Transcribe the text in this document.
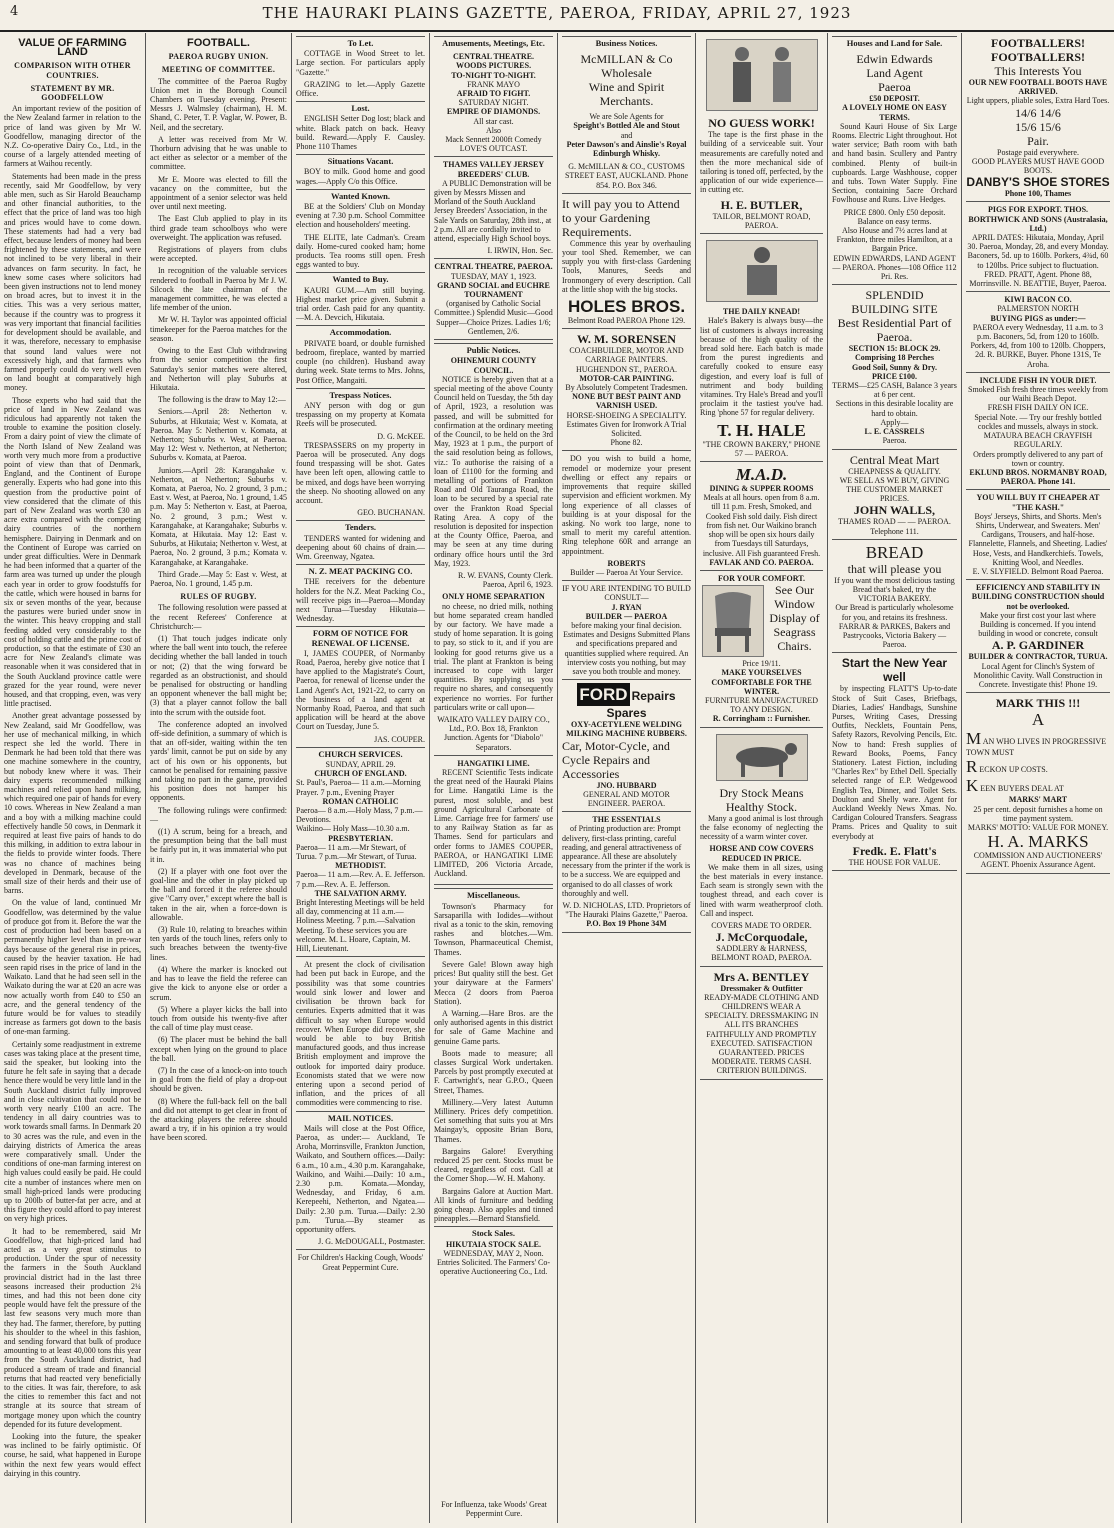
4	THE HAURAKI PLAINS GAZETTE, PAEROA, FRIDAY, APRIL 27, 1923
VALUE OF FARMING LAND
COMPARISON WITH OTHER COUNTRIES.
STATEMENT BY MR. GOODFELLOW

An important review of the position of the New Zealand farmer in relation to the price of land was given by Mr W. Goodfellow, managing director of the N.Z. Co-operative Dairy Co., Ltd., in the course of a largely attended meeting of farmers at Waihou recently.

Statements had been made in the press recently, said Mr Goodfellow, by very able men, such as Sir Harold Beauchamp and other financial authorities, to the effect that the price of land was too high and prices would have to come down. These statements had had a very bad effect, because lenders of money had been frightened by these statements, and were not inclined to be very liberal in their advances on farm security. In fact, he knew some cases where solicitors had been given instructions not to lend money on broad acres, but to invest it in the cities. This was a very serious matter, because if the country was to progress it was very important that financial facilities for development should be available, and it was, therefore, necessary to emphasise that sound land values were not excessively high, and that farmers who farmed properly could do very well even on land bought at comparatively high money.

Those experts who had said that the price of land in New Zealand was ridiculous had apparently not taken the trouble to examine the position closely. From a dairy point of view the climate of the North Island of New Zealand was worth very much more from a productive point of view than that of Denmark, England, and the Continent of Europe generally. Experts who had gone into this question from the productive point of view considered that the climate of this part of New Zealand was worth £30 an acre extra compared with the competing dairy countries of the northern hemisphere. Dairying in Denmark and on the Continent of Europe was carried on under great difficulties. Were in Denmark he had been informed that a quarter of the farm area was turned up under the plough each year in order to grow foodstuffs for the cattle, which were housed in barns for six or seven months of the year, because the pastures were buried under snow in the winter. This heavy cropping and stall feeding added very considerably to the cost of holding cattle and the prime cost of production, so that the estimate of £30 an acre for New Zealand's climate was reasonable when it was considered that in the South Auckland province cattle were grazed for the year round, were never housed, and that cropping, even, was very little practised.

Another great advantage possessed by New Zealand, said Mr Goodfellow, was her use of mechanical milking, in which respect she led the world. There in Denmark he had been told that there was one machine somewhere in the country, but nobody knew where it was. Their dairy experts recommended milking machines and relied upon hand milking, which required one pair of hands for every 10 cows. Whereas in New Zealand a man and a boy with a milking machine could effectively handle 50 cows, in Denmark it required at least five pairs of hands to do this milking, in addition to extra labour in the fields to provide winter foods. There was no chance of machines being developed in Denmark, because of the small size of their herds and their use of barns.

On the value of land, continued Mr Goodfellow, was determined by the value of produce got from it. Before the war the cost of production had been based on a permanently higher level than in pre-war days because of the general rise in prices, caused by the heavier taxation. He had seen rapid rises in the price of land in the Waikato. Land that he had seen sell in the Waikato during the war at £20 an acre was now actually worth from £40 to £50 an acre, and the general tendency of the future would be for values to steadily increase as farmers got down to the basis of one-man farming.

Certainly some readjustment in extreme cases was taking place at the present time, said the speaker, but looking into the future he felt safe in saying that a decade hence there would be very little land in the South Auckland district fully improved and in close cultivation that could not be worth very nearly £100 an acre. The tendency in all dairy countries was to work towards small farms. In Denmark 20 to 30 acres was the rule, and even in the dairying districts of America the areas were comparatively small. Under the conditions of one-man farming interest on high values could easily be paid. He could cite a number of instances where men on small high-priced lands were producing up to 200lb of butter-fat per acre, and at this figure they could afford to pay interest on very high prices.

It had to be remembered, said Mr Goodfellow, that high-priced land had acted as a very great stimulus to production. Under the spur of necessity the farmers in the South Auckland provincial district had in the last three seasons increased their production 2¼ times, and had this not been done city people would have felt the pressure of the last few seasons very much more than they had. The farmer, therefore, by putting his shoulder to the wheel in this fashion, and sending forward that bulk of produce amounting to at least 40,000 tons this year from the South Auckland district, had produced a stream of trade and financial returns that had reacted very beneficially to the cities. It was fair, therefore, to ask the cities to remember this fact and not strangle at its source that stream of mortgage money upon which the country depended for its future development.

Looking into the future, the speaker was inclined to be fairly optimistic. Of course, he said, what happened in Europe within the next few years would effect dairying in this country.

FOOTBALL.
PAEROA RUGBY UNION.
MEETING OF COMMITTEE.

The committee of the Paeroa Rugby Union met in the Borough Council Chambers on Tuesday evening. Present: Messrs J. Walmsley (chairman), H. M. Shand, C. Peter, T. P. Vaglar, W. Power, B. Neil, and the secretary.

A letter was received from Mr W. Thorburn advising that he was unable to act either as selector or a member of the committee.

Mr E. Moore was elected to fill the vacancy on the committee, but the appointment of a senior selector was held over until next meeting.

The East Club applied to play in its third grade team schoolboys who were overweight. The application was refused.

Registrations of players from clubs were accepted.

In recognition of the valuable services rendered to football in Paeroa by Mr J. W. Silcock the late chairman of the management committee, he was elected a life member of the union.

Mr W. H. Taylor was appointed official timekeeper for the Paeroa matches for the season.

Owing to the East Club withdrawing from the senior competition the first Saturday's senior matches were altered, and Netherton will play Suburbs at Hikutaia.

The following is the draw to May 12:—

Seniors.—April 28: Netherton v. Suburbs, at Hikutaia; West v. Komata, at Paeroa. May 5: Netherton v. Komata, at Netherton; Suburbs v. West, at Paeroa. May 12: West v. Netherton, at Netherton; Suburbs v. Komata, at Paeroa.

Juniors.—April 28: Karangahake v. Netherton, at Netherton; Suburbs v. Komata, at Paeroa, No. 2 ground, 3 p.m.; East v. West, at Paeroa, No. 1 ground, 1.45 p.m. May 5: Netherton v. East, at Paeroa, No. 2 ground, 3 p.m.; West v. Karangahake, at Karangahake; Suburbs v. Komata, at Hikutaia. May 12: East v. Suburbs, at Hikutaia; Netherton v. West, at Paeroa, No. 2 ground, 3 p.m.; Komata v. Karangahake, at Karangahake.

Third Grade.—May 5: East v. West, at Paeroa, No. 1 ground, 1.45 p.m.

RULES OF RUGBY.

The following resolution were passed at the recent Referees' Conference at Christchurch:—

(1) That touch judges indicate only where the ball went into touch, the referee deciding whether the ball landed in touch or not; (2) that the wing forward be regarded as an obstructionist, and should be penalised for obstructing or handling an opponent whenever the ball might be; (3) that a player cannot follow the ball into the scrum with the outside foot.

The conference adopted an involved off-side definition, a summary of which is that an off-sider, waiting within the ten yards' limit, cannot be put on side by any act of his own or his opponents, but cannot be penalised for remaining passive and taking no part in the game, provided his position does not hamper his opponents.

The following rulings were confirmed:—

((1) A scrum, being for a breach, and the presumption being that the ball must be fairly put in, it was immaterial who put it in.

(2) If a player with one foot over the goal-line and the other in play picked up the ball and forced it the referee should give "Carry over," except where the ball is taken in the air, when a force-down is allowable.

(3) Rule 10, relating to breaches within ten yards of the touch lines, refers only to such breaches between the twenty-five lines.

(4) Where the marker is knocked out and has to leave the field the referee can give the kick to anyone else or order a scrum.

(5) Where a player kicks the ball into touch from outside his twenty-five after the call of time play must cease.

(6) The placer must be behind the ball except when lying on the ground to place the ball.

(7) In the case of a knock-on into touch in goal from the field of play a drop-out should be given.

(8) Where the full-back fell on the ball and did not attempt to get clear in front of the attacking players the referee should award a try, if in his opinion a try would have been scored.

To Let.

COTTAGE in Wood Street to let. Large section. For particulars apply "Gazette."

GRAZING to let.—Apply Gazette Office.

Lost.

ENGLISH Setter Dog lost; black and white. Black patch on back. Heavy build. Reward.—Apply F. Causley. Phone 110 Thames

Situations Vacant.

BOY to milk. Good home and good wages.—Apply C/o this Office.

Wanted Known.

BE at the Soldiers' Club on Monday evening at 7.30 p.m. School Committee election and householders' meeting.

THE ELITE, late Cadman's. Cream daily. Home-cured cooked ham; home products. Tea rooms still open. Fresh eggs wanted to buy.

Wanted to Buy.

KAURI GUM.—Am still buying. Highest market price given. Submit a trial order. Cash paid for any quantity.—M. A. Devcich, Hikutaia.

Accommodation.

PRIVATE board, or double furnished bedroom, fireplace, wanted by married couple (no children). Husband away during week. State terms to Mrs. Johns, Post Office, Mangaiti.

Trespass Notices.

ANY person with dog or gun trespassing on my property at Komata Reefs will be prosecuted.

D. G. McKEE.

TRESPASSERS on my property in Paeroa will be prosecuted. Any dogs found trespassing will be shot. Gates have been left open, allowing cattle to be mixed, and dogs have been worrying the sheep. No shooting allowed on any account.

GEO. BUCHANAN.
Tenders.

TENDERS wanted for widening and deepening about 60 chains of drain.—Wm. Greenway, Ngatea.

N. Z. MEAT PACKING CO.

THE receivers for the debenture holders for the N.Z. Meat Packing Co., will receive pigs in—Paeroa—Monday next Turua—Tuesday Hikutaia—Wednesday.

FORM OF NOTICE FOR RENEWAL OF LICENSE.

I, JAMES COUPER, of Normanby Road, Paeroa, hereby give notice that I have applied to the Magistrate's Court, Paeroa, for renewal of license under the Land Agent's Act, 1921-22, to carry on the business of a land agent at Normanby Road, Paeroa, and that such application will be heard at the above Court on Tuesday, June 5.

JAS. COUPER.
CHURCH SERVICES.
SUNDAY, APRIL 29.
CHURCH OF ENGLAND.
St. Paul's, Paeroa— 11 a.m.—Morning Prayer. 7 p.m., Evening Prayer
ROMAN CATHOLIC
Paeroa— 8 a.m.—Holy Mass, 7 p.m.—Devotions.
Waikino— Holy Mass—10.30 a.m.
PRESBYTERIAN.
Paeroa— 11 a.m.—Mr Stewart, of Turua. 7 p.m.—Mr Stewart, of Turua.
METHODIST.
Paeroa— 11 a.m.—Rev. A. E. Jefferson. 7 p.m.—Rev. A. E. Jefferson.
THE SALVATION ARMY.
Bright Interesting Meetings will be held all day, commencing at 11 a.m.—Holiness Meeting. 7 p.m.—Salvation Meeting. To these services you are welcome. M. L. Hoare, Captain, M. Hill, Lieutenant.

At present the clock of civilisation had been put back in Europe, and the possibility was that some countries would sink lower and lower and civilisation be thrown back for centuries. Experts admitted that it was difficult to say when Europe would recover. When Europe did recover, she would be able to buy British manufactured goods, and thus increase British employment and improve the outlook for imported dairy produce. Economists stated that we were now entering upon a second period of inflation, and the prices of all commodities were commencing to rise.

MAIL NOTICES.

Mails will close at the Post Office, Paeroa, as under:— Auckland, Te Aroha, Morrinsville, Frankton Junction, Waikato, and Southern offices.—Daily: 6 a.m., 10 a.m., 4.30 p.m. Karangahake, Waikino, and Waihi.—Daily: 10 a.m., 2.30 p.m. Komata.—Monday, Wednesday, and Friday, 6 a.m. Kerepeehi, Netherton, and Ngatea.—Daily: 2.30 p.m. Turua.—Daily: 2.30 p.m. Turua.—By steamer as opportunity offers.

J. G. McDOUGALL, Postmaster.
For Children's Hacking Cough, Woods' Great Peppermint Cure.
Amusements, Meetings, Etc.
CENTRAL THEATRE.
WOODS PICTURES.
TO-NIGHT TO-NIGHT.
FRANK MAYO
AFRAID TO FIGHT.
SATURDAY NIGHT.
EMPIRE OF DIAMONDS.
All star cast.
Also
Mack Sennett 2000ft Comedy LOVE'S OUTCAST.
THAMES VALLEY JERSEY BREEDERS' CLUB.

A PUBLIC Demonstration will be given by Messrs Missen and Morland of the South Auckland Jersey Breeders' Association, in the Sale Yards on Saturday, 28th inst., at 2 p.m. All are cordially invited to attend, especially High School boys.

I. IRWIN, Hon. Sec.
CENTRAL THEATRE, PAEROA.
TUESDAY, MAY 1, 1923.
GRAND SOCIAL and EUCHRE TOURNAMENT
(organised by Catholic Social Committee.) Splendid Music—Good Supper—Choice Prizes. Ladies 1/6; Gentlemen, 2/6.
Public Notices.
OHINEMURI COUNTY COUNCIL.

NOTICE is hereby given that at a special meeting of the above County Council held on Tuesday, the 5th day of April, 1923, a resolution was passed, and will be submitted for confirmation at the ordinary meeting of the Council, to be held on the 3rd May, 1923 at 1 p.m., the purport of the said resolution being as follows, viz.: To authorise the raising of a loan of £1100 for the forming and metalling of portions of Frankton Road and Old Tauranga Road, the loan to be secured by a special rate over the Frankton Road Special Rating Area. A copy of the resolution is deposited for inspection at the County Office, Paeroa, and may be seen at any time during ordinary office hours until the 3rd May, 1923.

R. W. EVANS, County Clerk. Paeroa, April 6, 1923.
ONLY HOME SEPARATION

no cheese, no dried milk, nothing but home separated cream handled by our factory. We have made a study of home separation. It is going to pay, so stick to it, and if you are looking for good returns give us a trial. The plant at Frankton is being increased to cope with larger quantities. By supplying us you require no shares, and consequently experience no worries. For further particulars write or call upon—

WAIKATO VALLEY DAIRY CO., Ltd., P.O. Box 18, Frankton Junction. Agents for "Diabolo" Separators.
HANGATIKI LIME.

RECENT Scientific Tests indicate the great need of the Hauraki Plains for Lime. Hangatiki Lime is the purest, most soluble, and best ground Agricultural Carbonate of Lime. Carriage free for farmers' use to any Railway Station as far as Thames. Send for particulars and order forms to JAMES COUPER, PAEROA, or HANGATIKI LIME LIMITED, 206 Victoria Arcade, Auckland.

Miscellaneous.

Townson's Pharmacy for Sarsaparilla with Iodides—without rival as a tonic to the skin, removing rashes and blotches.—Wm. Townson, Pharmaceutical Chemist, Thames.

Severe Gale! Blown away high prices! But quality still the best. Get your dairyware at the Farmers' Mecca (2 doors from Paeroa Station).

A Warning.—Hare Bros. are the only authorised agents in this district for sale of Game Machine and genuine Game parts.

Boots made to measure; all classes Surgical Work undertaken. Parcels by post promptly executed at F. Cartwright's, near G.P.O., Queen Street, Thames.

Millinery.—Very latest Autumn Millinery. Prices defy competition. Get something that suits you at Mrs Maingay's, opposite Brian Boru, Thames.

Bargains Galore! Everything reduced 25 per cent. Stocks must be cleared, regardless of cost. Call at the Corner Shop.—W. H. Mahony.

Bargains Galore at Auction Mart. All kinds of furniture and bedding going cheap. Also apples and tinned pineapples.—Bernard Stansfield.

Stock Sales.
HIKUTAIA STOCK SALE.
WEDNESDAY, MAY 2, Noon.
Entries Solicited. The Farmers' Co-operative Auctioneering Co., Ltd.
Business Notices.
McMILLAN & Co
Wholesale
Wine and Spirit
Merchants.
We are Sole Agents for
Speight's Bottled Ale and Stout
and
Peter Dawson's and Ainslie's Royal Edinburgh Whisky.
G. McMILLAN & CO., CUSTOMS STREET EAST, AUCKLAND. Phone 854. P.O. Box 346.
It will pay you to Attend to your Gardening Requirements.

Commence this year by overhauling your tool Shed. Remember, we can supply you with first-class Gardening Tools, Manures, Seeds and Ironmongery of every description. Call at the little shop with the big stocks.

HOLES BROS.
Belmont Road PAEROA Phone 129.
W. M. SORENSEN
COACHBUILDER, MOTOR AND CARRIAGE PAINTERS. HUGHENDON ST., PAEROA.
MOTOR-CAR PAINTING.
By Absolutely Competent Tradesmen.
NONE BUT BEST PAINT AND VARNISH USED.
HORSE-SHOEING A SPECIALITY.
Estimates Given for Ironwork A Trial Solicited.
Phone 82.

DO you wish to build a home, remodel or modernize your present dwelling or effect any repairs or improvements that require skilled supervision and efficient workmen. My long experience of all classes of building is at your disposal for the asking. No work too large, none to small to merit my careful attention. Ring telephone 60R and arrange an appointment.

ROBERTS
Builder — Paeroa At Your Service.
IF YOU ARE INTENDING TO BUILD CONSULT—
J. RYAN
BUILDER — PAEROA
before making your final decision. Estimates and Designs Submitted Plans and specifications prepared and quantities supplied where required. An interview costs you nothing, but may save you both trouble and money.
FORD Repairs Spares
OXY-ACETYLENE WELDING
MILKING MACHINE RUBBERS.
Car, Motor-Cycle, and Cycle Repairs and Accessories
JNO. HUBBARD
GENERAL AND MOTOR ENGINEER. PAEROA.
THE ESSENTIALS

of Printing production are: Prompt delivery, first-class printing, careful reading, and general attractiveness of appearance. All these are absolutely necessary from the printer if the work is to be a success. We are equipped and organised to do all classes of work thoroughly and well.

W. D. NICHOLAS, LTD. Proprietors of "The Hauraki Plains Gazette," Paeroa.
P.O. Box 19 Phone 34M
NO GUESS WORK!

The tape is the first phase in the building of a serviceable suit. Your measurements are carefully noted and then the more mechanical side of tailoring is toned off, perfected, by the application of our wide experience—in cutting etc.

H. E. BUTLER,
TAILOR, BELMONT ROAD, PAEROA.
THE DAILY KNEAD!

Hale's Bakery is always busy—the list of customers is always increasing because of the high quality of the bread sold here. Each batch is made from the purest ingredients and carefully cooked to ensure easy digestion, and every loaf is full of nutriment and body building vitamines. Try Hale's Bread and you'll proclaim it the tastiest you've had. Ring 'phone 57 for regular delivery.

T. H. HALE
"THE CROWN BAKERY," PHONE 57 — PAEROA.
M.A.D.
DINING & SUPPER ROOMS
Meals at all hours. open from 8 a.m. till 11 p.m. Fresh, Smoked, and Cooked Fish sold daily. Fish direct from fish net. Our Waikino branch shop will be open six hours daily from Tuesdays till Saturdays, inclusive. All Fish guaranteed Fresh.
FAVLAK AND CO. PAEROA.
FOR YOUR COMFORT.
See Our Window Display of Seagrass Chairs.
Price 19/11.
MAKE YOURSELVES COMFORTABLE FOR THE WINTER.
FURNITURE MANUFACTURED TO ANY DESIGN.
R. Corringham :: Furnisher.
Dry Stock Means Healthy Stock.

Many a good animal is lost through the false economy of neglecting the necessity of a warm winter cover.

HORSE AND COW COVERS REDUCED IN PRICE.

We make them in all sizes, using the best materials in every instance. Each seam is strongly sewn with the toughest thread, and each cover is lined with warm weatherproof cloth. Call and inspect.

COVERS MADE TO ORDER.
J. McCorquodale,
SADDLERY & HARNESS, BELMONT ROAD, PAEROA.
Mrs A. BENTLEY
Dressmaker & Outfitter
READY-MADE CLOTHING AND CHILDREN'S WEAR A SPECIALTY. DRESSMAKING IN ALL ITS BRANCHES FAITHFULLY AND PROMPTLY EXECUTED. SATISFACTION GUARANTEED. PRICES MODERATE. TERMS CASH. CRITERION BUILDINGS.
Houses and Land for Sale.
Edwin Edwards
Land Agent
Paeroa
£50 DEPOSIT.
A LOVELY HOME ON EASY TERMS.

Sound Kauri House of Six Large Rooms. Electric Light throughout. Hot water service; Bath room with bath and hand basin. Scullery and Pantry combined. Plenty of built-in cupboards. Large Washhouse, copper and tubs. Town Water Supply. Fine Section, containing 5acre Orchard Fowlhouse and Runs. Live Hedges.

PRICE £800. Only £50 deposit. Balance on easy terms.
Also House and 7½ acres land at Frankton, three miles Hamilton, at a Bargain Price.
EDWIN EDWARDS, LAND AGENT — PAEROA. Phones—108 Office 112 Pri. Res.
SPLENDID
BUILDING SITE
Best Residential Part of Paeroa.
SECTION 15: BLOCK 29.
Comprising 18 Perches
Good Soil, Sunny & Dry.
PRICE £100.
TERMS—£25 CASH, Balance 3 years at 6 per cent.
Sections in this desirable locality are hard to obtain.
Apply—
L. E. CASSRELS
Paeroa.
Central Meat Mart
CHEAPNESS & QUALITY.
WE SELL AS WE BUY, GIVING THE CUSTOMER MARKET PRICES.
JOHN WALLS,
THAMES ROAD — — PAEROA. Telephone 111.
BREAD
that will please you
If you want the most delicious tasting Bread that's baked, try the
VICTORIA BAKERY.
Our Bread is particularly wholesome for you, and retains its freshness.
FARRAR & PARKES, Bakers and Pastrycooks, Victoria Bakery — Paeroa.
Start the New Year well

by inspecting FLATT'S Up-to-date Stock of Suit Cases, Briefbags, Diaries, Ladies' Handbags, Sunshine Purses, Writing Cases, Dressing Outfits, Necklets, Fountain Pens, Safety Razors, Revolving Pencils, Etc. Now to hand: Fresh supplies of Reward Books, Poems, Fancy Stationery. Latest Fiction, including "Charles Rex" by Ethel Dell. Specially selected range of E.P. Wedgewood English Tea, Dinner, and Toilet Sets. Doulton and Shelly ware. Agent for Auckland Weekly News Xmas. No. Cardigan Coloured Transfers. Seagrass Prams. Prices and Quality to suit everybody at

Fredk. E. Flatt's
THE HOUSE FOR VALUE.
FOOTBALLERS!
FOOTBALLERS!
This Interests You
OUR NEW FOOTBALL BOOTS HAVE ARRIVED.
Light uppers, pliable soles, Extra Hard Toes.
14/6 14/6
15/6 15/6
Pair.
Postage paid everywhere.
GOOD PLAYERS MUST HAVE GOOD BOOTS.
DANBY'S SHOE STORES
Phone 100, Thames
PIGS FOR EXPORT. THOS. BORTHWICK AND SONS (Australasia, Ltd.)
APRIL DATES: Hikutaia, Monday, April 30. Paeroa, Monday, 28, and every Monday. Baconers, 5d. up to 160lb. Porkers, 4¾d, 60 to 120lbs. Price subject to fluctuation. FRED. PRATT, Agent. Phone 88, Morrinsville. N. BEATTIE, Buyer, Paeroa.
KIWI BACON CO.
PALMERSTON NORTH
BUYING PIGS as under:—
PAEROA every Wednesday, 11 a.m. to 3 p.m. Baconers, 5d, from 120 to 160lb. Porkers, 4d, from 100 to 120lb. Choppers, 2d. R. BURKE, Buyer. Phone 131S, Te Aroha.
INCLUDE FISH IN YOUR DIET.
Smoked Fish fresh three times weekly from our Waihi Beach Depot.
FRESH FISH DAILY ON ICE.
Special Note. — Try our freshly bottled cockles and mussels, always in stock.
MATAURA BEACH CRAYFISH REGULARLY.
Orders promptly delivered to any part of town or country.
EKLUND BROS. NORMANBY ROAD, PAEROA. Phone 141.
YOU WILL BUY IT CHEAPER AT "THE KASH."
Boys' Jerseys, Shirts, and Shorts. Men's Shirts, Underwear, and Sweaters. Men' Cardigans, Trousers, and half-hose. Flannelette, Flannels, and Sheeting. Ladies' Hose, Vests, and Handkerchiefs. Towels, Knitting Wool, and Needles.
E. V. SLYFIELD. Belmont Road Paeroa.
EFFICIENCY AND STABILITY IN BUILDING CONSTRUCTION should not be overlooked.
Make your first cost your last where Building is concerned. If you intend building in wood or concrete, consult
A. P. GARDINER
BUILDER & CONTRACTOR, TURUA.
Local Agent for Clinch's System of Monolithic Cavity. Wall Construction in Concrete. Investigate this! Phone 19.
MARK THIS !!!
A
M AN WHO LIVES IN PROGRESSIVE TOWN MUST
R ECKON UP COSTS.
K EEN BUYERS DEAL AT
MARKS' MART
25 per cent. deposit furnishes a home on time payment system.
MARKS' MOTTO: VALUE FOR MONEY.
H. A. MARKS
COMMISSION AND AUCTIONEERS' AGENT. Phoenix Assurance Agent.
For Influenza, take Woods' Great Peppermint Cure.
